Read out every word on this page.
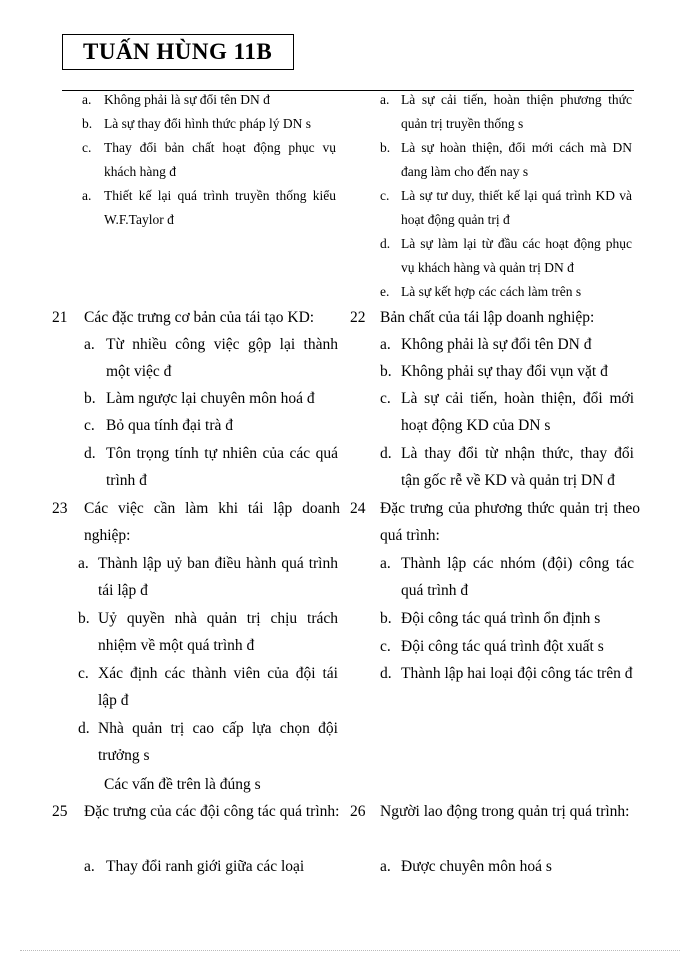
TUẤN HÙNG 11B
a. Không phải là sự đổi tên DN đ
b. Là sự thay đổi hình thức pháp lý DN s
c. Thay đổi bản chất hoạt động phục vụ khách hàng đ
a. Thiết kế lại quá trình truyền thống kiểu W.F.Taylor đ
a. Là sự cải tiến, hoàn thiện phương thức quản trị truyền thống s
b. Là sự hoàn thiện, đổi mới cách mà DN đang làm cho đến nay s
c. Là sự tư duy, thiết kế lại quá trình KD và hoạt động quản trị đ
d. Là sự làm lại từ đầu các hoạt động phục vụ khách hàng và quản trị DN đ
e. Là sự kết hợp các cách làm trên s
21 Các đặc trưng cơ bản của tái tạo KD:
a. Từ nhiều công việc gộp lại thành một việc đ
b. Làm ngược lại chuyên môn hoá đ
c. Bỏ qua tính đại trà đ
d. Tôn trọng tính tự nhiên của các quá trình đ
22 Bản chất của tái lập doanh nghiệp:
a. Không phải là sự đổi tên DN đ
b. Không phải sự thay đổi vụn vặt đ
c. Là sự cải tiến, hoàn thiện, đổi mới hoạt động KD của DN s
d. Là thay đổi từ nhận thức, thay đổi tận gốc rễ về KD và quản trị DN đ
23 Các việc cần làm khi tái lập doanh nghiệp:
a. Thành lập uỷ ban điều hành quá trình tái lập đ
b. Uỷ quyền nhà quản trị chịu trách nhiệm về một quá trình đ
c. Xác định các thành viên của đội tái lập đ
d. Nhà quản trị cao cấp lựa chọn đội trưởng s
Các vấn đề trên là đúng s
24 Đặc trưng của phương thức quản trị theo quá trình:
a. Thành lập các nhóm (đội) công tác quá trình đ
b. Đội công tác quá trình ổn định s
c. Đội công tác quá trình đột xuất s
d. Thành lập hai loại đội công tác trên đ
25 Đặc trưng của các đội công tác quá trình:
a. Thay đổi ranh giới giữa các loại
26 Người lao động trong quản trị quá trình:
a. Được chuyên môn hoá s
